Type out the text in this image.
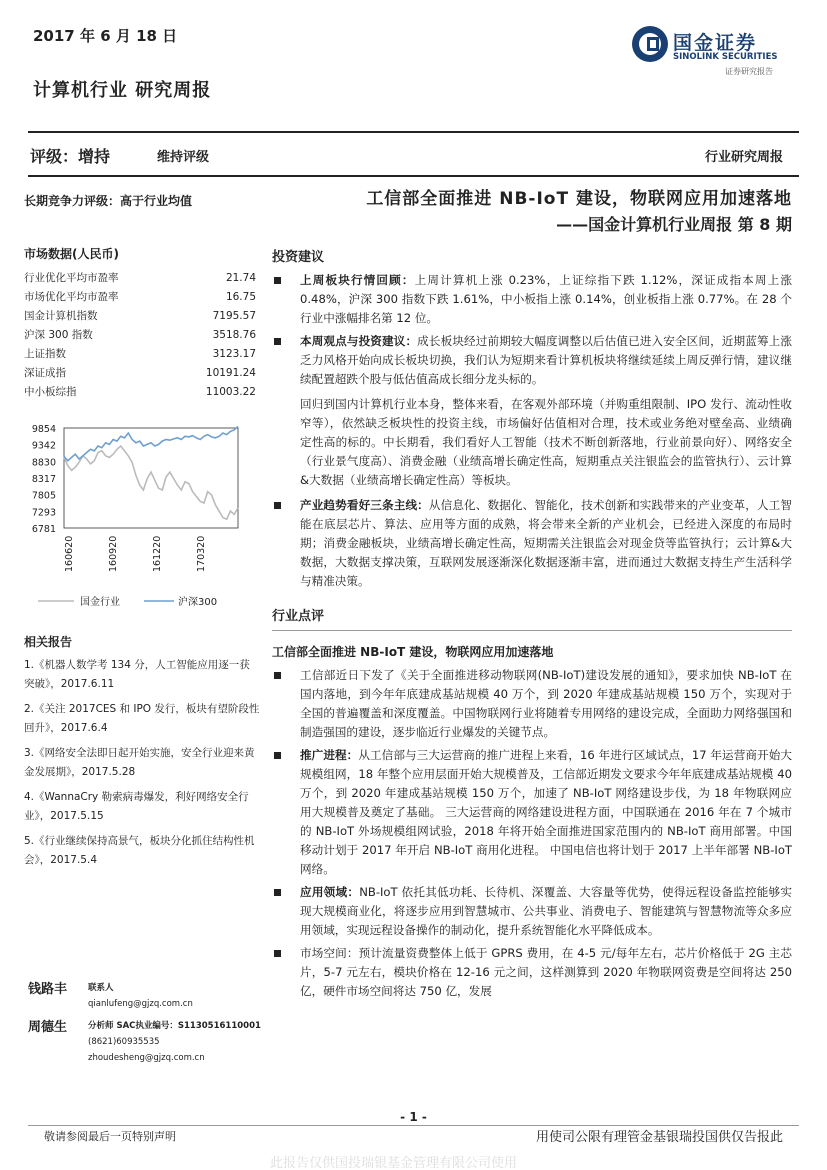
2017 年 6 月 18 日	国金证券
SINOLINK SECURITIES
证券研究报告
计算机行业 研究周报
评级：增持	维持评级	行业研究周报
长期竞争力评级：高于行业均值
市场数据(人民币)
行业优化平均市盈率	21.74
市场优化平均市盈率	16.75
国金计算机指数	7195.57
沪深 300 指数	3518.76
上证指数	3123.17
深证成指	10191.24
中小板综指	11003.22
9854
9342
8830
8317
7805
7293
6781
160620	160920	161220	170320
国金行业	沪深300
相关报告
1.《机器人数学考 134 分，人工智能应用逐一获突破》，2017.6.11
2.《关注 2017CES 和 IPO 发行，板块有望阶段性回升》，2017.6.4
3.《网络安全法即日起开始实施，安全行业迎来黄金发展期》，2017.5.28
4.《WannaCry 勒索病毒爆发，利好网络安全行业》，2017.5.15
5.《行业继续保持高景气，板块分化抓住结构性机会》，2017.5.4
钱路丰 联系人
qianlufeng@gjzq.com.cn
周德生 分析师 SAC执业编号：S1130516110001
(8621)60935535
zhoudesheng@gjzq.com.cn
工信部全面推进 NB-IoT 建设，物联网应用加速落地
——国金计算机行业周报 第 8 期
投资建议
上周板块行情回顾：上周计算机上涨 0.23%，上证综指下跌 1.12%，深证成指本周上涨 0.48%，沪深 300 指数下跌 1.61%，中小板指上涨 0.14%，创业板指上涨 0.77%。在 28 个行业中涨幅排名第 12 位。
本周观点与投资建议：成长板块经过前期较大幅度调整以后估值已进入安全区间，近期蓝筹上涨乏力风格开始向成长板块切换，我们认为短期来看计算机板块将继续延续上周反弹行情，建议继续配置超跌个股与低估值高成长细分龙头标的。
回归到国内计算机行业本身，整体来看，在客观外部环境（并购重组限制、IPO 发行、流动性收窄等），依然缺乏板块性的投资主线，市场偏好估值相对合理，技术或业务绝对壁垒高、业绩确定性高的标的。中长期看，我们看好人工智能（技术不断创新落地，行业前景向好）、网络安全（行业景气度高）、消费金融（业绩高增长确定性高，短期重点关注银监会的监管执行）、云计算&大数据（业绩高增长确定性高）等板块。
产业趋势看好三条主线：从信息化、数据化、智能化，技术创新和实践带来的产业变革，人工智能在底层芯片、算法、应用等方面的成熟，将会带来全新的产业机会，已经进入深度的布局时期；消费金融板块，业绩高增长确定性高，短期需关注银监会对现金贷等监管执行；云计算&大数据，大数据支撑决策，互联网发展逐渐深化数据逐渐丰富，进而通过大数据支持生产生活科学与精准决策。
行业点评
工信部全面推进 NB-IoT 建设，物联网应用加速落地
工信部近日下发了《关于全面推进移动物联网(NB-IoT)建设发展的通知》，要求加快 NB-IoT 在国内落地，到今年年底建成基站规模 40 万个，到 2020 年建成基站规模 150 万个，实现对于全国的普遍覆盖和深度覆盖。中国物联网行业将随着专用网络的建设完成，全面助力网络强国和制造强国的建设，逐步临近行业爆发的关键节点。
推广进程：从工信部与三大运营商的推广进程上来看，16 年进行区域试点，17 年运营商开始大规模组网，18 年整个应用层面开始大规模普及，工信部近期发文要求今年年底建成基站规模 40 万个，到 2020 年建成基站规模 150 万个，加速了 NB-IoT 网络建设步伐，为 18 年物联网应用大规模普及奠定了基础。 三大运营商的网络建设进程方面，中国联通在 2016 年在 7 个城市的 NB-IoT 外场规模组网试验，2018 年将开始全面推进国家范围内的 NB-IoT 商用部署。中国移动计划于 2017 年开启 NB-IoT 商用化进程。 中国电信也将计划于 2017 上半年部署 NB-IoT 网络。
应用领域：NB-IoT 依托其低功耗、长待机、深覆盖、大容量等优势，使得远程设备监控能够实现大规模商业化，将逐步应用到智慧城市、公共事业、消费电子、智能建筑与智慧物流等众多应用领域，实现远程设备操作的制动化，提升系统智能化水平降低成本。
市场空间：预计流量资费整体上低于 GPRS 费用，在 4-5 元/每年左右，芯片价格低于 2G 主芯片，5-7 元左右，模块价格在 12-16 元之间，这样测算到 2020 年物联网资费是空间将达 250 亿，硬件市场空间将达 750 亿，发展
- 1 -
敬请参阅最后一页特别声明	用使司公限有理管金基银瑞投国供仅告报此
此报告仅供国投瑞银基金管理有限公司使用
